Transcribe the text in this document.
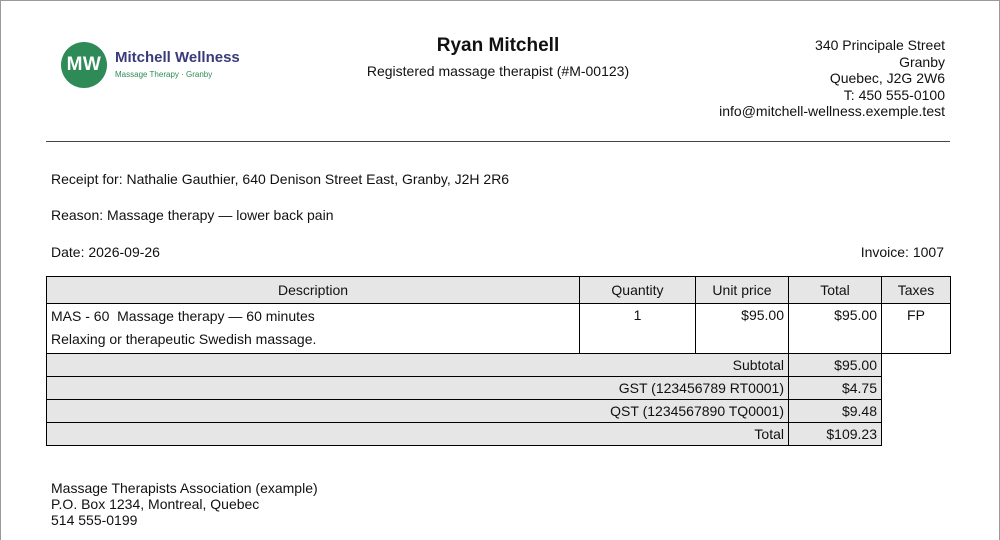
MW Mitchell Wellness
Massage Therapy · Granby
Ryan Mitchell
Registered massage therapist (#M-00123)
340 Principale Street
Granby
Quebec, J2G 2W6
T: 450 555-0100
info@mitchell-wellness.exemple.test
Receipt for: Nathalie Gauthier, 640 Denison Street East, Granby, J2H 2R6
Reason: Massage therapy — lower back pain
Date: 2026-09-26	Invoice: 1007
Description	Quantity	Unit price	Total	Taxes

MAS - 60  Massage therapy — 60 minutes
Relaxing or therapeutic Swedish massage.	1	$95.00	$95.00	FP
Subtotal			$95.00	
GST (123456789 RT0001)			$4.75	
QST (1234567890 TQ0001)			$9.48	
Total			$109.23	
Massage Therapists Association (example)
P.O. Box 1234, Montreal, Quebec
514 555-0199
